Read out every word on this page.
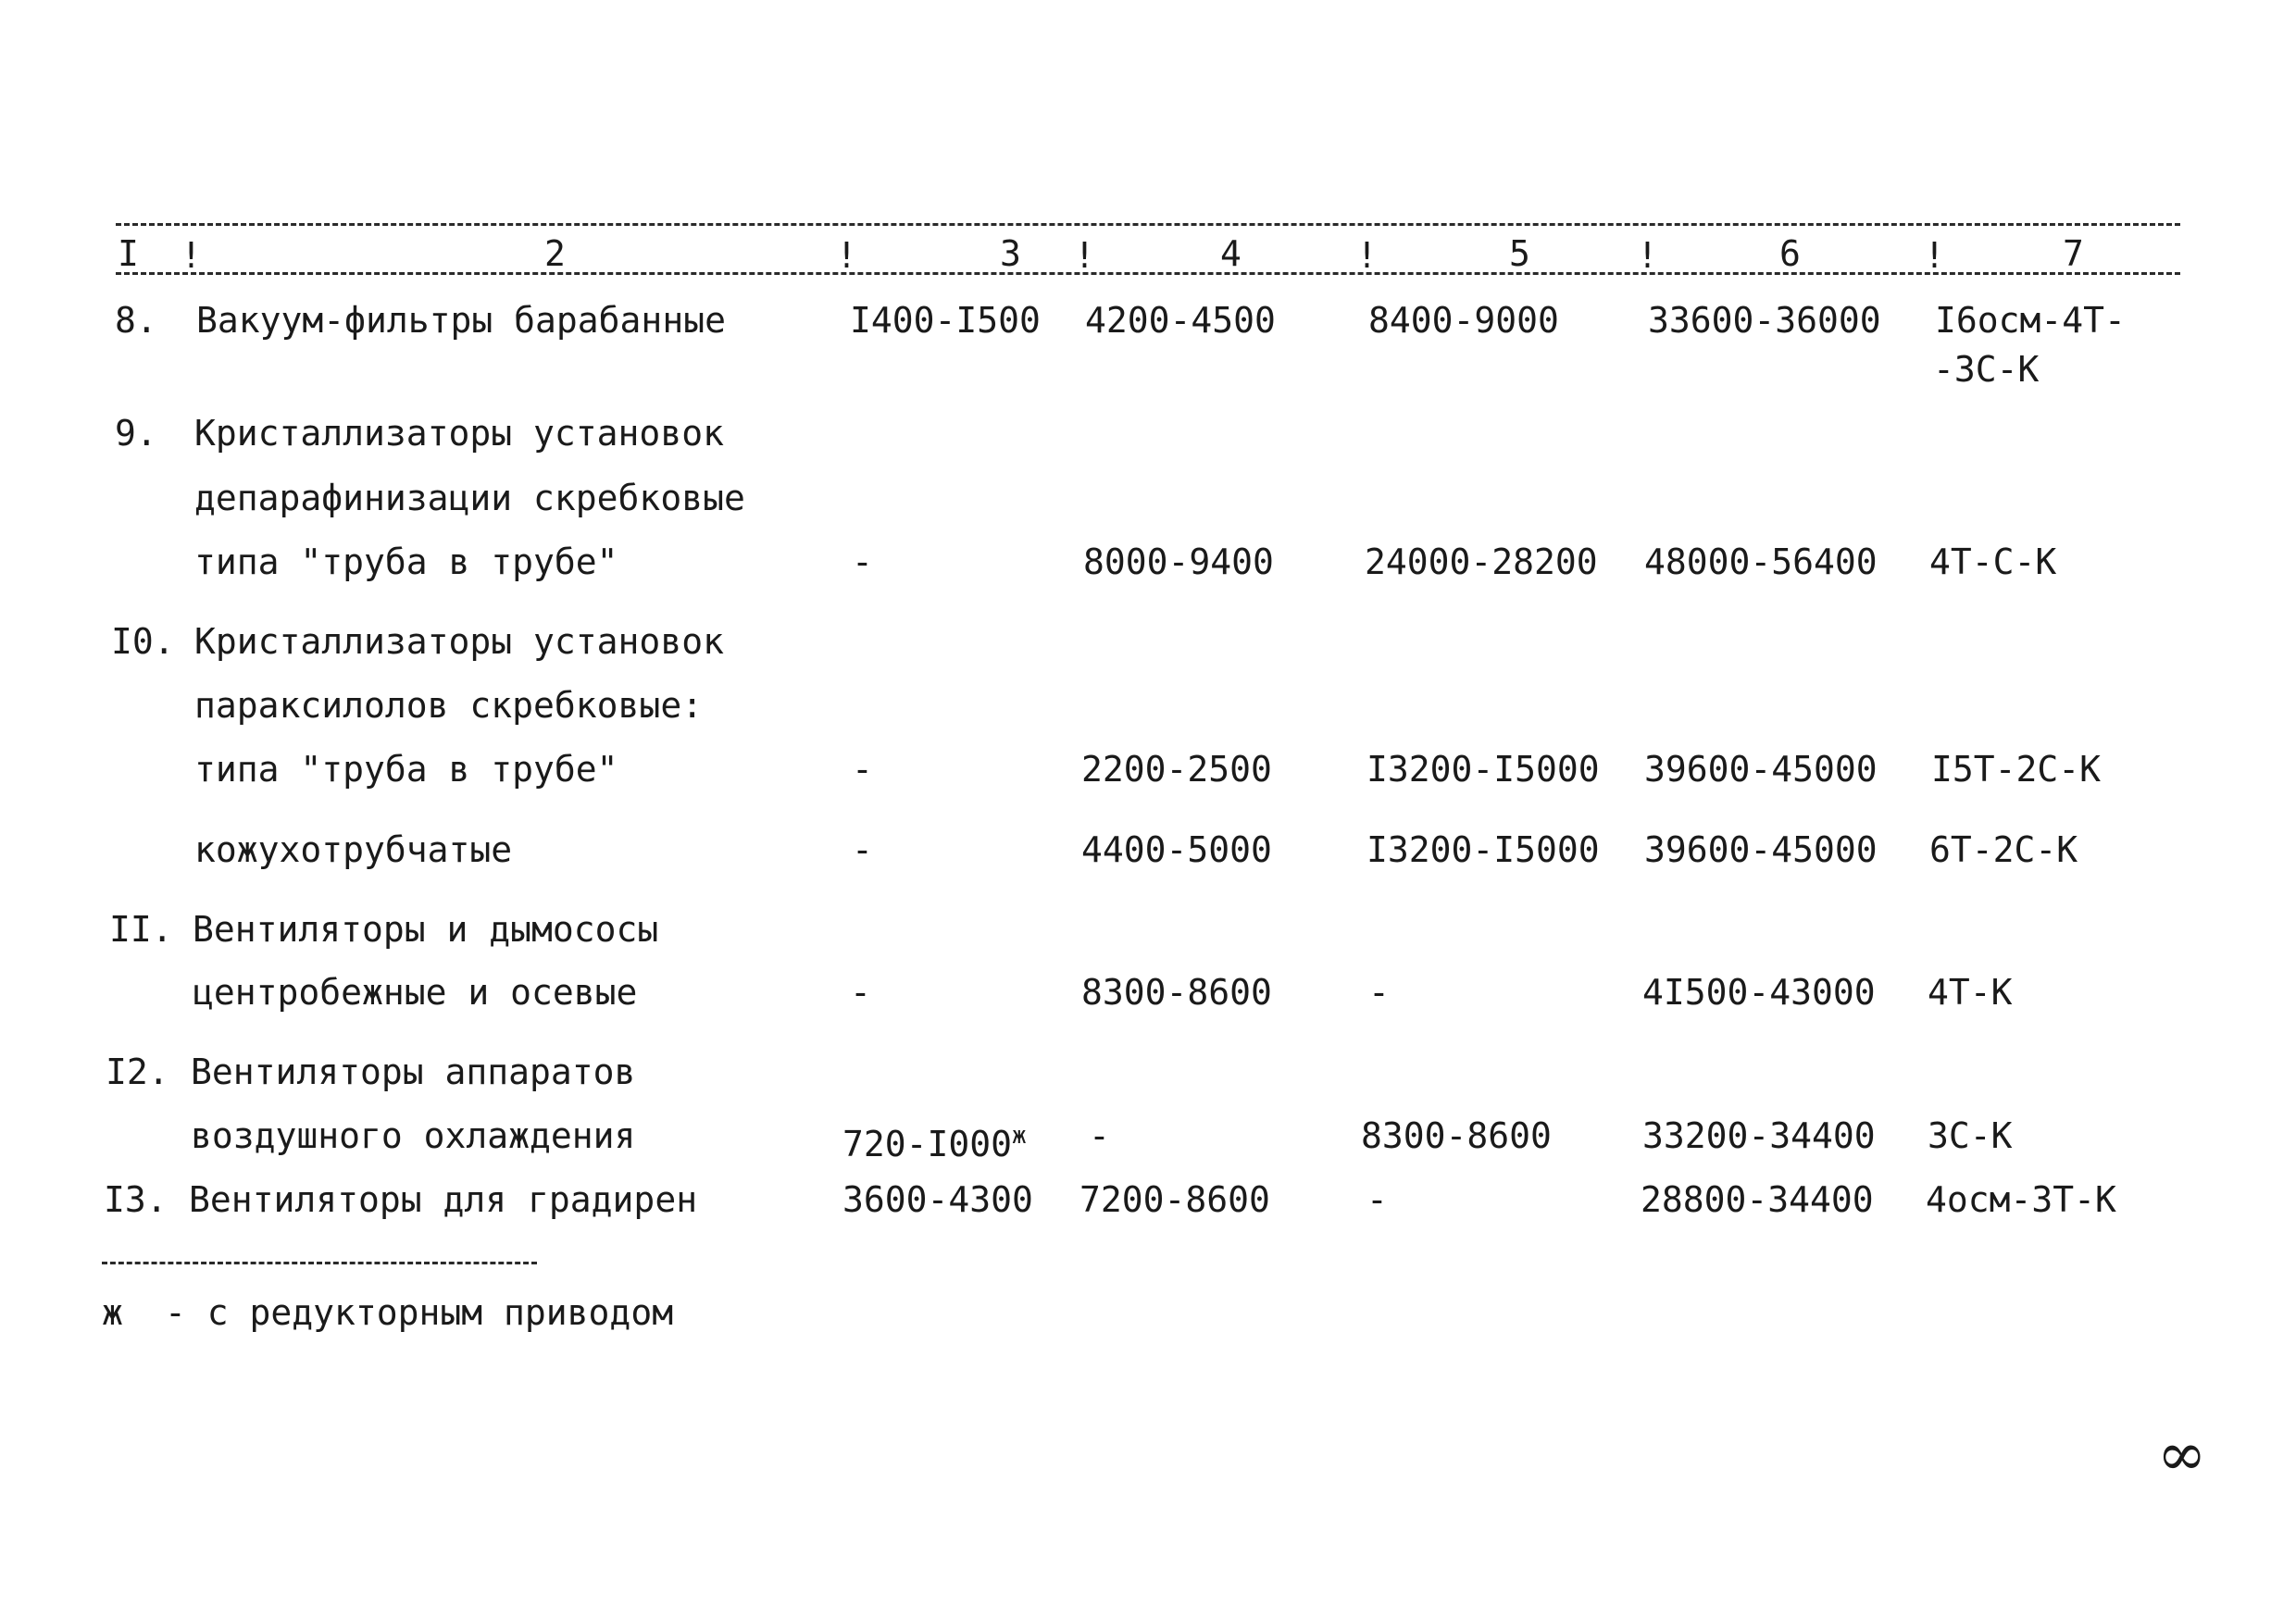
I !	2	!	3 !	4	!	5	!	6	!	7
8. Вакуум-фильтры барабанные	I400-I500 4200-4500	8400-9000	33600-36000 I6осм-4Т-
-3С-К
9. Кристаллизаторы установок
депарафинизации скребковые
типа "труба в трубе"	-	8000-9400	24000-28200 48000-56400 4Т-С-К
I0. Кристаллизаторы установок
параксилолов скребковые:
типа "труба в трубе"	-	2200-2500	I3200-I5000 39600-45000 I5Т-2С-К
кожухотрубчатые	-	4400-5000	I3200-I5000 39600-45000 6Т-2С-К
II. Вентиляторы и дымососы
центробежные и осевые	-	8300-8600	-	4I500-43000 4Т-К
I2. Вентиляторы аппаратов
воздушного охлаждения	$720-I000^ж$ -	8300-8600	33200-34400 3С-К
I3. Вентиляторы для градирен	3600-4300 7200-8600	-	28800-34400 4осм-3Т-К
ж - с редукторным приводом
∞
